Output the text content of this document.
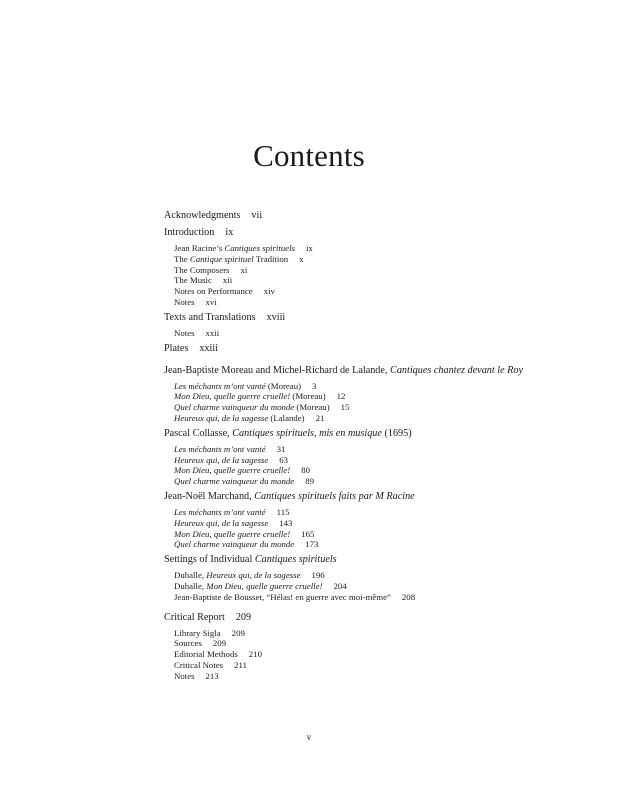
Contents
Acknowledgments vii
Introduction ix
Jean Racine’s Cantiques spirituels ix
The Cantique spirituel Tradition x
The Composers xi
The Music xii
Notes on Performance xiv
Notes xvi
Texts and Translations xviii
Notes xxii
Plates xxiii
Jean-Baptiste Moreau and Michel-Richard de Lalande, Cantiques chantez devant le Roy
Les méchants m’ont vanté (Moreau) 3
Mon Dieu, quelle guerre cruelle! (Moreau) 12
Quel charme vainqueur du monde (Moreau) 15
Heureux qui, de la sagesse (Lalande) 21
Pascal Collasse, Cantiques spirituels, mis en musique (1695)
Les méchants m’ont vanté 31
Heureux qui, de la sagesse 63
Mon Dieu, quelle guerre cruelle! 80
Quel charme vainqueur du monde 89
Jean-Noël Marchand, Cantiques spirituels faits par M Racine
Les méchants m’ont vanté 115
Heureux qui, de la sagesse 143
Mon Dieu, quelle guerre cruelle! 165
Quel charme vainqueur du monde 173
Settings of Individual Cantiques spirituels
Duhalle, Heureux qui, de la sagesse 196
Duhalle, Mon Dieu, quelle guerre cruelle! 204
Jean-Baptiste de Bousset, “Hélas! en guerre avec moi-même” 208
Critical Report 209
Library Sigla 209
Sources 209
Editorial Methods 210
Critical Notes 211
Notes 213
v
